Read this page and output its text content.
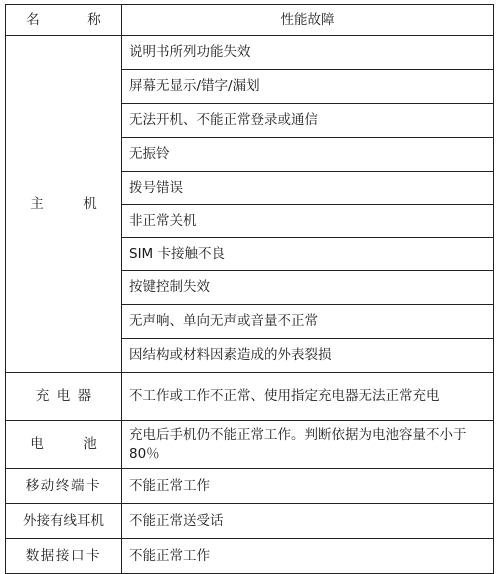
名 称	性能故障
主 机	说明书所列功能失效
	屏幕无显示/错字/漏划
	无法开机、不能正常登录或通信
	无振铃
	拨号错误
	非正常关机
	SIM 卡接触不良
	按键控制失效
	无声响、单向无声或音量不正常
	因结构或材料因素造成的外表裂损
充电器	不工作或工作不正常、使用指定充电器无法正常充电
电 池	充电后手机仍不能正常工作。判断依据为电池容量不小于 80％
移动终端卡	不能正常工作
外接有线耳机	不能正常送受话
数据接口卡	不能正常工作
